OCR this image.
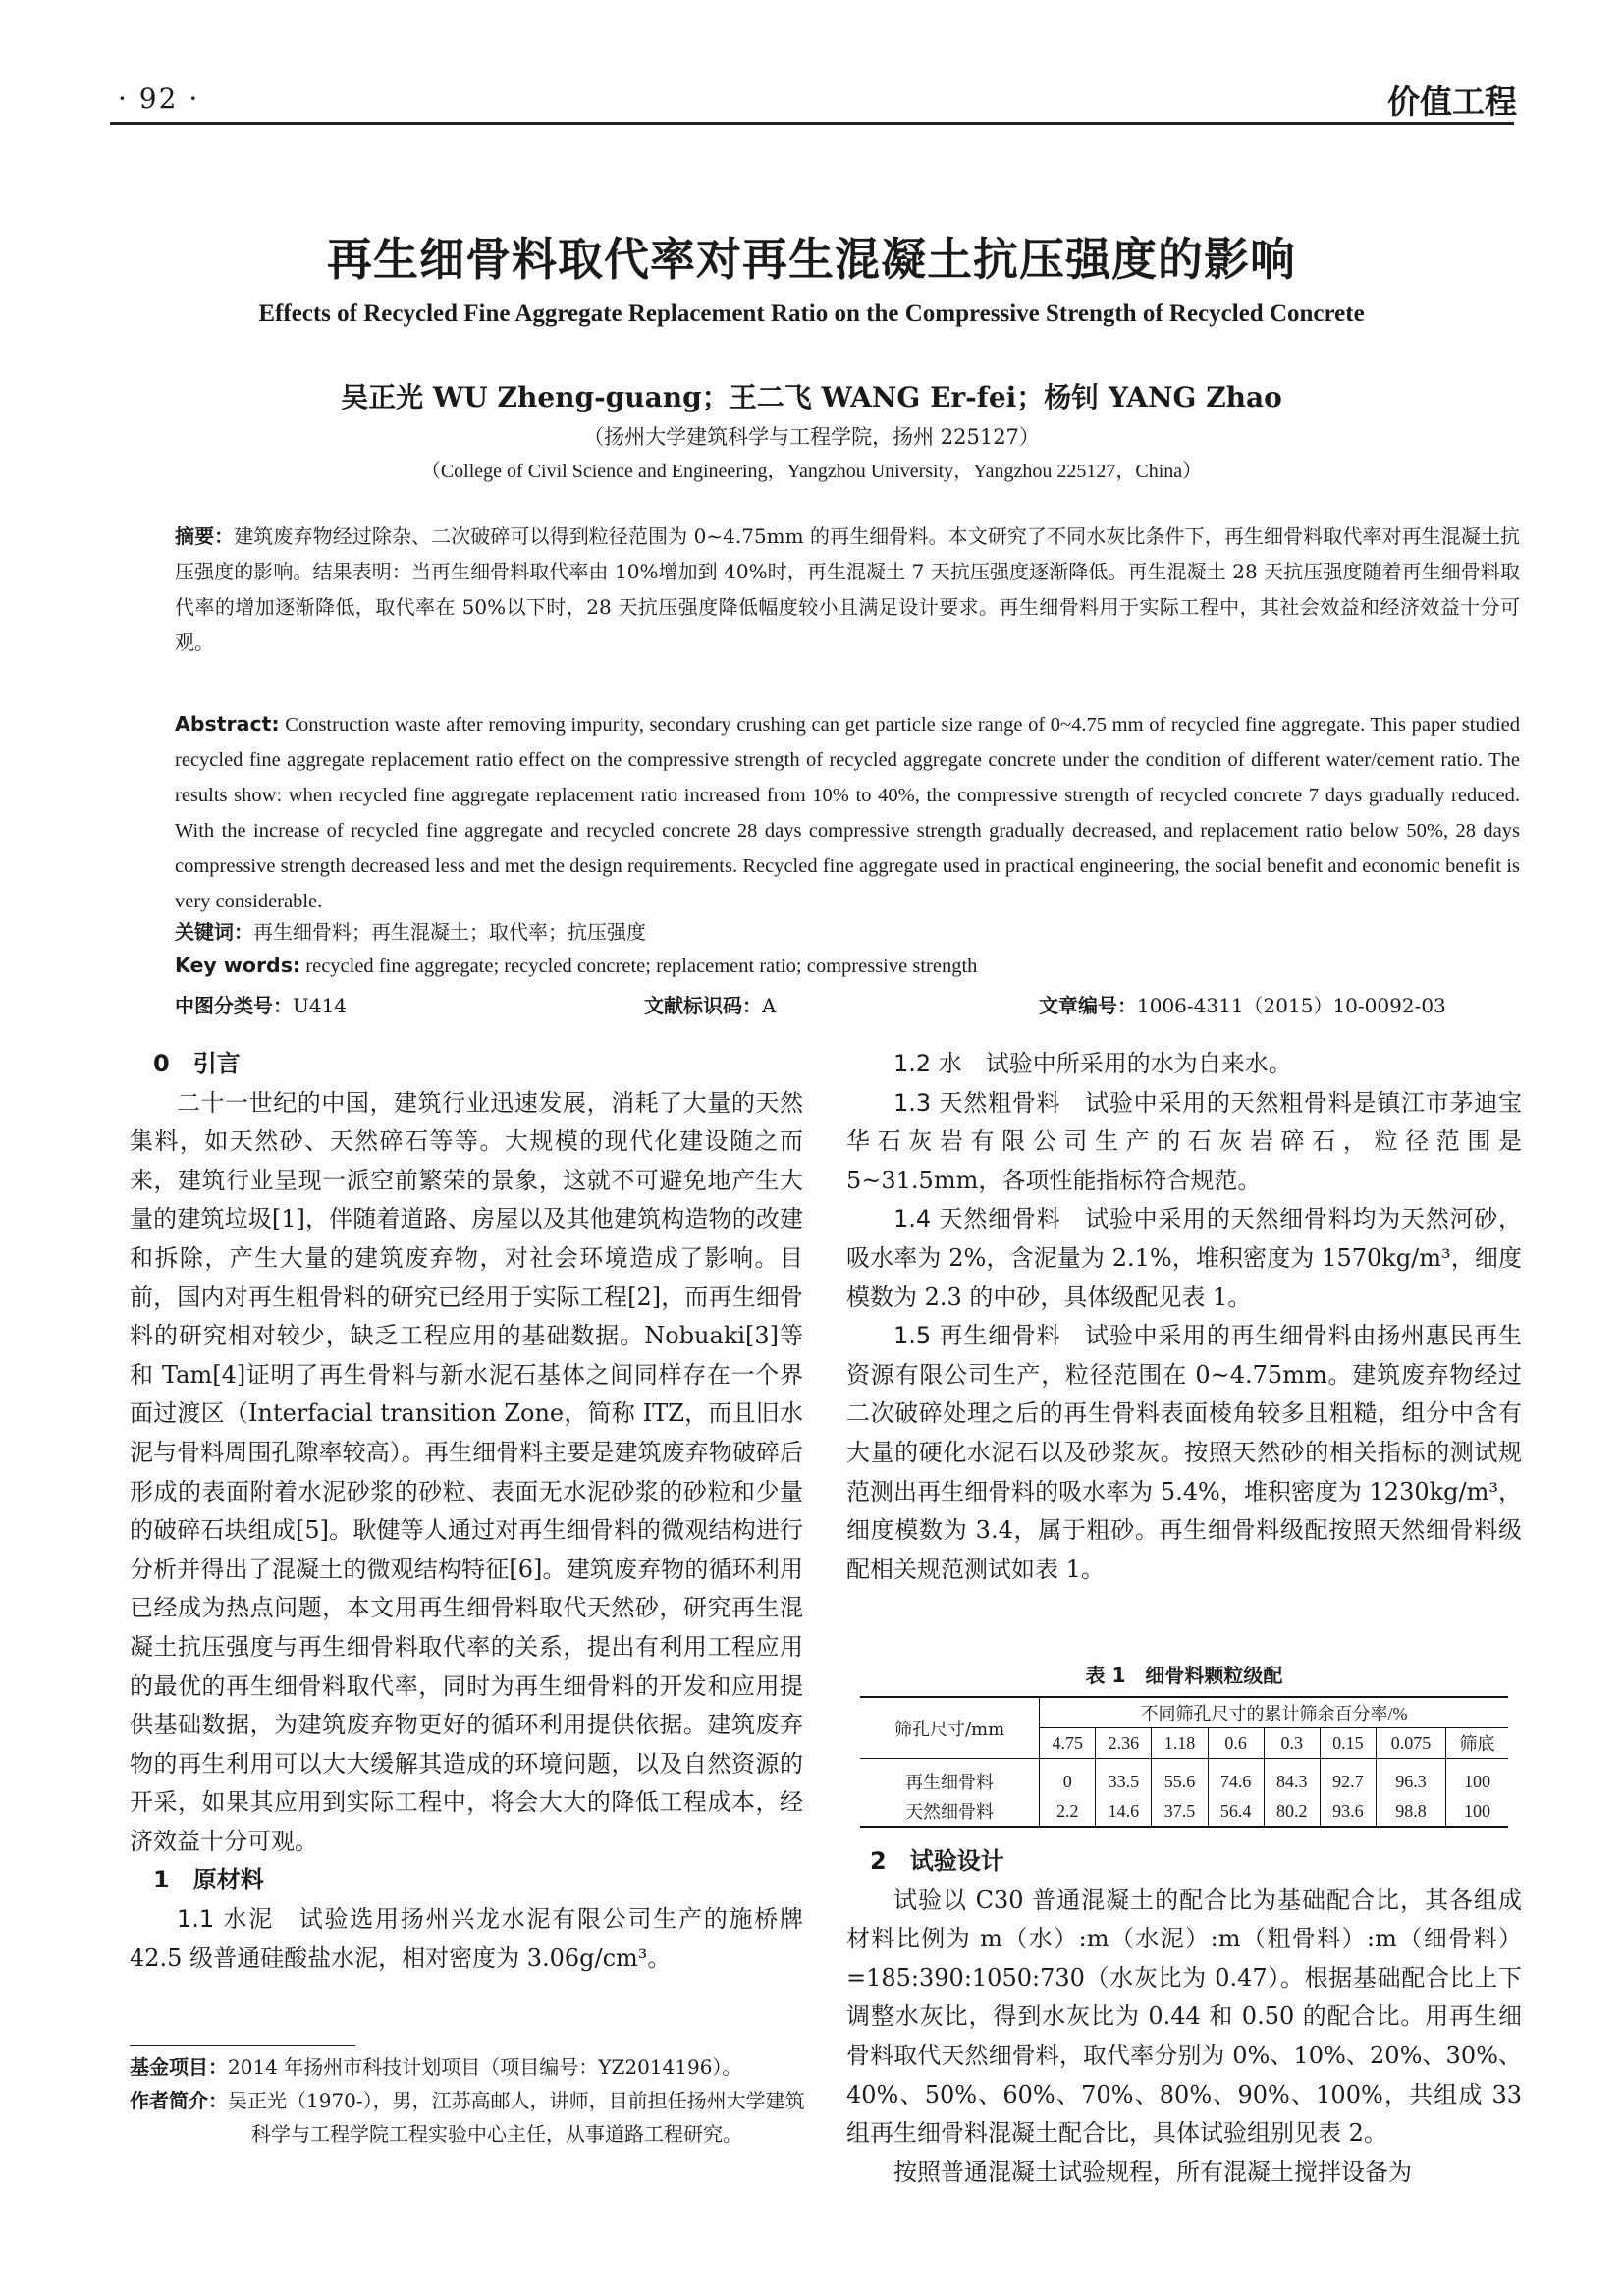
· 92 ·	价值工程
再生细骨料取代率对再生混凝土抗压强度的影响
Effects of Recycled Fine Aggregate Replacement Ratio on the Compressive Strength of Recycled Concrete
吴正光 WU Zheng-guang；王二飞 WANG Er-fei；杨钊 YANG Zhao
（扬州大学建筑科学与工程学院，扬州 225127）
（College of Civil Science and Engineering，Yangzhou University，Yangzhou 225127，China）
摘要：建筑废弃物经过除杂、二次破碎可以得到粒径范围为 0~4.75mm 的再生细骨料。本文研究了不同水灰比条件下，再生细骨料取代率对再生混凝土抗压强度的影响。结果表明：当再生细骨料取代率由 10%增加到 40%时，再生混凝土 7 天抗压强度逐渐降低。再生混凝土 28 天抗压强度随着再生细骨料取代率的增加逐渐降低，取代率在 50%以下时，28 天抗压强度降低幅度较小且满足设计要求。再生细骨料用于实际工程中，其社会效益和经济效益十分可观。
Abstract: Construction waste after removing impurity, secondary crushing can get particle size range of 0~4.75 mm of recycled fine aggregate. This paper studied recycled fine aggregate replacement ratio effect on the compressive strength of recycled aggregate concrete under the condition of different water/cement ratio. The results show: when recycled fine aggregate replacement ratio increased from 10% to 40%, the compressive strength of recycled concrete 7 days gradually reduced. With the increase of recycled fine aggregate and recycled concrete 28 days compressive strength gradually decreased, and replacement ratio below 50%, 28 days compressive strength decreased less and met the design requirements. Recycled fine aggregate used in practical engineering, the social benefit and economic benefit is very considerable.
关键词：再生细骨料；再生混凝土；取代率；抗压强度
Key words: recycled fine aggregate; recycled concrete; replacement ratio; compressive strength
中图分类号：U414	文献标识码：A	文章编号：1006-4311（2015）10-0092-03

0　引言

二十一世纪的中国，建筑行业迅速发展，消耗了大量的天然集料，如天然砂、天然碎石等等。大规模的现代化建设随之而来，建筑行业呈现一派空前繁荣的景象，这就不可避免地产生大量的建筑垃圾[1]，伴随着道路、房屋以及其他建筑构造物的改建和拆除，产生大量的建筑废弃物，对社会环境造成了影响。目前，国内对再生粗骨料的研究已经用于实际工程[2]，而再生细骨料的研究相对较少，缺乏工程应用的基础数据。Nobuaki[3]等和 Tam[4]证明了再生骨料与新水泥石基体之间同样存在一个界面过渡区（Interfacial transition Zone，简称 ITZ，而且旧水泥与骨料周围孔隙率较高）。再生细骨料主要是建筑废弃物破碎后形成的表面附着水泥砂浆的砂粒、表面无水泥砂浆的砂粒和少量的破碎石块组成[5]。耿健等人通过对再生细骨料的微观结构进行分析并得出了混凝土的微观结构特征[6]。建筑废弃物的循环利用已经成为热点问题，本文用再生细骨料取代天然砂，研究再生混凝土抗压强度与再生细骨料取代率的关系，提出有利用工程应用的最优的再生细骨料取代率，同时为再生细骨料的开发和应用提供基础数据，为建筑废弃物更好的循环利用提供依据。建筑废弃物的再生利用可以大大缓解其造成的环境问题，以及自然资源的开采，如果其应用到实际工程中，将会大大的降低工程成本，经济效益十分可观。

1　原材料

1.1 水泥　试验选用扬州兴龙水泥有限公司生产的施桥牌 42.5 级普通硅酸盐水泥，相对密度为 3.06g/cm³。

1.2 水　试验中所采用的水为自来水。

1.3 天然粗骨料　试验中采用的天然粗骨料是镇江市茅迪宝华石灰岩有限公司生产的石灰岩碎石，粒径范围是 5~31.5mm，各项性能指标符合规范。

1.4 天然细骨料　试验中采用的天然细骨料均为天然河砂，吸水率为 2%，含泥量为 2.1%，堆积密度为 1570kg/m³，细度模数为 2.3 的中砂，具体级配见表 1。

1.5 再生细骨料　试验中采用的再生细骨料由扬州惠民再生资源有限公司生产，粒径范围在 0~4.75mm。建筑废弃物经过二次破碎处理之后的再生骨料表面棱角较多且粗糙，组分中含有大量的硬化水泥石以及砂浆灰。按照天然砂的相关指标的测试规范测出再生细骨料的吸水率为 5.4%，堆积密度为 1230kg/m³，细度模数为 3.4，属于粗砂。再生细骨料级配按照天然细骨料级配相关规范测试如表 1。

表 1　细骨料颗粒级配
筛孔尺寸/mm	不同筛孔尺寸的累计筛余百分率/%							
	4.75	2.36	1.18	0.6	0.3	0.15	0.075	筛底
再生细骨料	0	33.5	55.6	74.6	84.3	92.7	96.3	100
天然细骨料	2.2	14.6	37.5	56.4	80.2	93.6	98.8	100

2　试验设计

试验以 C30 普通混凝土的配合比为基础配合比，其各组成材料比例为 m（水）:m（水泥）:m（粗骨料）:m（细骨料）=185:390:1050:730（水灰比为 0.47）。根据基础配合比上下调整水灰比，得到水灰比为 0.44 和 0.50 的配合比。用再生细骨料取代天然细骨料，取代率分别为 0%、10%、20%、30%、40%、50%、60%、70%、80%、90%、100%，共组成 33 组再生细骨料混凝土配合比，具体试验组别见表 2。

按照普通混凝土试验规程，所有混凝土搅拌设备为

基金项目：2014 年扬州市科技计划项目（项目编号：YZ2014196）。
作者简介：吴正光（1970-），男，江苏高邮人，讲师，目前担任扬州大学建筑科学与工程学院工程实验中心主任，从事道路工程研究。
